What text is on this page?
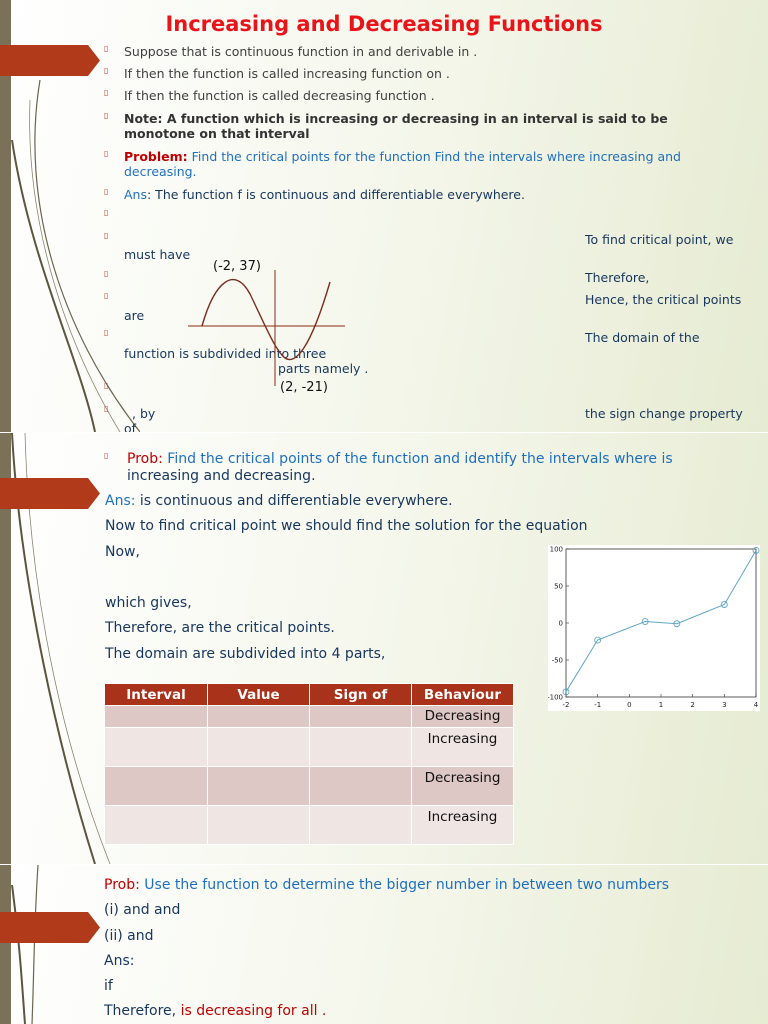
Increasing and Decreasing Functions
▯ Suppose that is continuous function in and derivable in .
▯ If then the function is called increasing function on .
▯ If then the function is called decreasing function .
▯ Note: A function which is increasing or decreasing in an interval is said to be monotone on that interval
▯ Problem: Find the critical points for the function Find the intervals where increasing and decreasing.
▯ Ans: The function f is continuous and differentiable everywhere.
▯
▯	To find critical point, we
must have
▯	Therefore,
▯	Hence, the critical points
are
▯	The domain of the
function is subdivided into three
parts namely .
▯
▯ , by	the sign change property
of
(-2, 37)
(2, -21)
▯ Prob: Find the critical points of the function and identify the intervals where is
increasing and decreasing.
Ans: is continuous and differentiable everywhere.
Now to find critical point we should find the solution for the equation
Now,
which gives,
Therefore, are the critical points.
The domain are subdivided into 4 parts,
Interval	Value	Sign of	Behaviour
			Decreasing
			Increasing
			Decreasing
			Increasing
100
50
0
-50
-100
-2	-1	0	1	2	3	4
Prob: Use the function to determine the bigger number in between two numbers
(i) and and
(ii) and
Ans:
if
Therefore, is decreasing for all .
